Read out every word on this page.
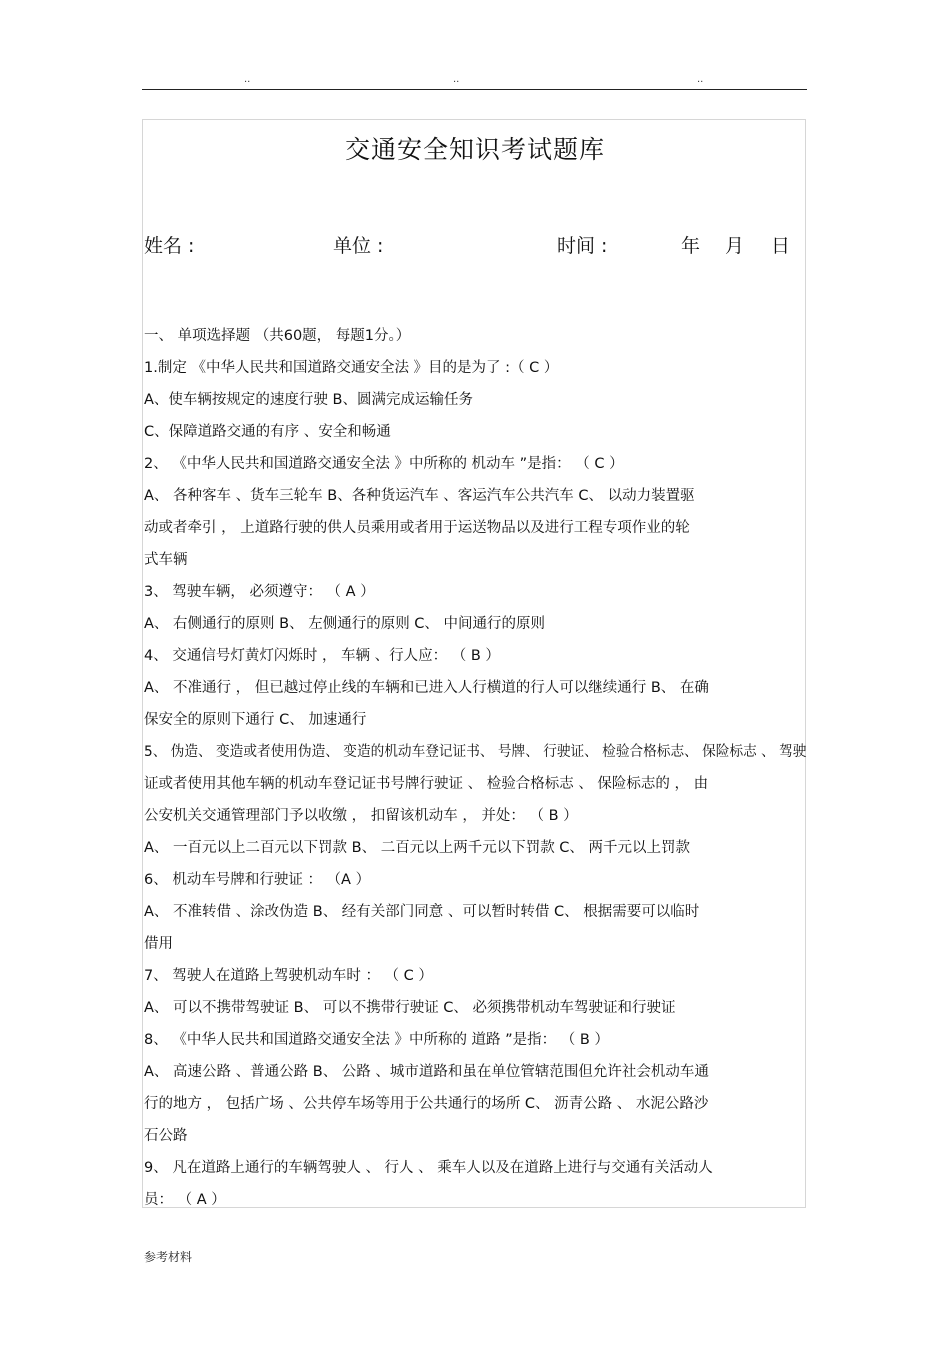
..	..	..
交通安全知识考试题库
姓名 :	单位 :	时间 :	年 月 日
一、 单项选择题 （共60题， 每题1分。）
1.制定 《中华人民共和国道路交通安全法 》目的是为了 :（ C ）
A、使车辆按规定的速度行驶 B、圆满完成运输任务
C、保障道路交通的有序 、安全和畅通
2、 《中华人民共和国道路交通安全法 》中所称的 机动车 ”是指： （ C ）
A、 各种客车 、货车三轮车 B、各种货运汽车 、客运汽车公共汽车 C、 以动力装置驱
动或者牵引 ， 上道路行驶的供人员乘用或者用于运送物品以及进行工程专项作业的轮
式车辆
3、 驾驶车辆， 必须遵守： （ A ）
A、 右侧通行的原则 B、 左侧通行的原则 C、 中间通行的原则
4、 交通信号灯黄灯闪烁时 ， 车辆 、行人应： （ B ）
A、 不准通行 ， 但已越过停止线的车辆和已进入人行横道的行人可以继续通行 B、 在确
保安全的原则下通行 C、 加速通行
5、 伪造、 变造或者使用伪造、 变造的机动车登记证书、 号牌、 行驶证、 检验合格标志、 保险标志 、 驾驶
证或者使用其他车辆的机动车登记证书号牌行驶证 、 检验合格标志 、 保险标志的 ， 由
公安机关交通管理部门予以收缴 ， 扣留该机动车 ， 并处： （ B ）
A、 一百元以上二百元以下罚款 B、 二百元以上两千元以下罚款 C、 两千元以上罚款
6、 机动车号牌和行驶证 ： （A ）
A、 不准转借 、涂改伪造 B、 经有关部门同意 、可以暂时转借 C、 根据需要可以临时
借用
7、 驾驶人在道路上驾驶机动车时 ： （ C ）
A、 可以不携带驾驶证 B、 可以不携带行驶证 C、 必须携带机动车驾驶证和行驶证
8、 《中华人民共和国道路交通安全法 》中所称的 道路 ”是指： （ B ）
A、 高速公路 、普通公路 B、 公路 、城市道路和虽在单位管辖范围但允许社会机动车通
行的地方 ， 包括广场 、公共停车场等用于公共通行的场所 C、 沥青公路 、 水泥公路沙
石公路
9、 凡在道路上通行的车辆驾驶人 、 行人 、 乘车人以及在道路上进行与交通有关活动人
员： （ A ）
参考材料
